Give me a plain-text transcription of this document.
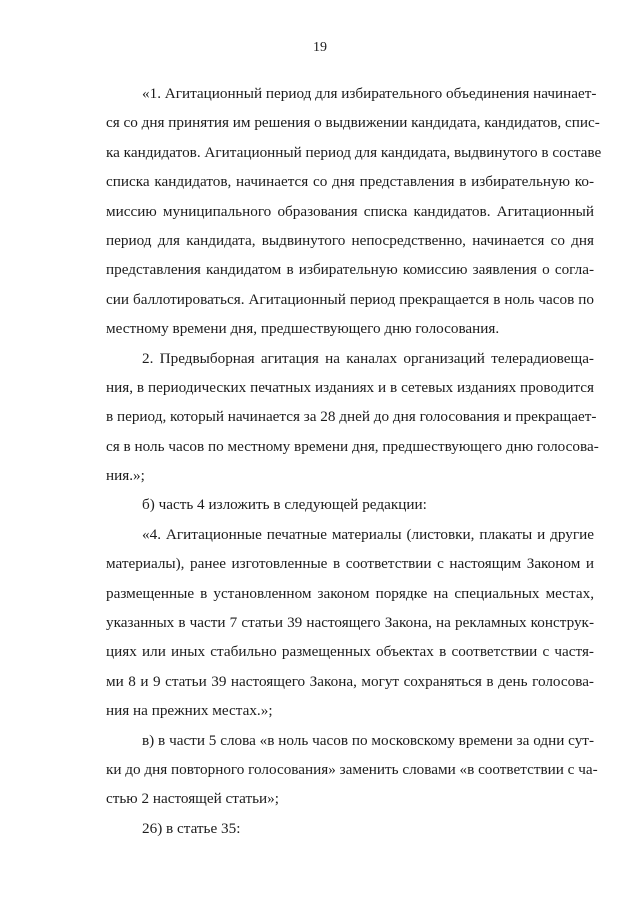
19
«1. Агитационный период для избирательного объединения начинает-
ся со дня принятия им решения о выдвижении кандидата, кандидатов, спис-
ка кандидатов. Агитационный период для кандидата, выдвинутого в составе
списка кандидатов, начинается со дня представления в избирательную ко-
миссию муниципального образования списка кандидатов. Агитационный
период для кандидата, выдвинутого непосредственно, начинается со дня
представления кандидатом в избирательную комиссию заявления о согла-
сии баллотироваться. Агитационный период прекращается в ноль часов по
местному времени дня, предшествующего дню голосования.
2. Предвыборная агитация на каналах организаций телерадиовеща-
ния, в периодических печатных изданиях и в сетевых изданиях проводится
в период, который начинается за 28 дней до дня голосования и прекращает-
ся в ноль часов по местному времени дня, предшествующего дню голосова-
ния.»;
б) часть 4 изложить в следующей редакции:
«4. Агитационные печатные материалы (листовки, плакаты и другие
материалы), ранее изготовленные в соответствии с настоящим Законом и
размещенные в установленном законом порядке на специальных местах,
указанных в части 7 статьи 39 настоящего Закона, на рекламных конструк-
циях или иных стабильно размещенных объектах в соответствии с частя-
ми 8 и 9 статьи 39 настоящего Закона, могут сохраняться в день голосова-
ния на прежних местах.»;
в) в части 5 слова «в ноль часов по московскому времени за одни сут-
ки до дня повторного голосования» заменить словами «в соответствии с ча-
стью 2 настоящей статьи»;
26) в статье 35:
